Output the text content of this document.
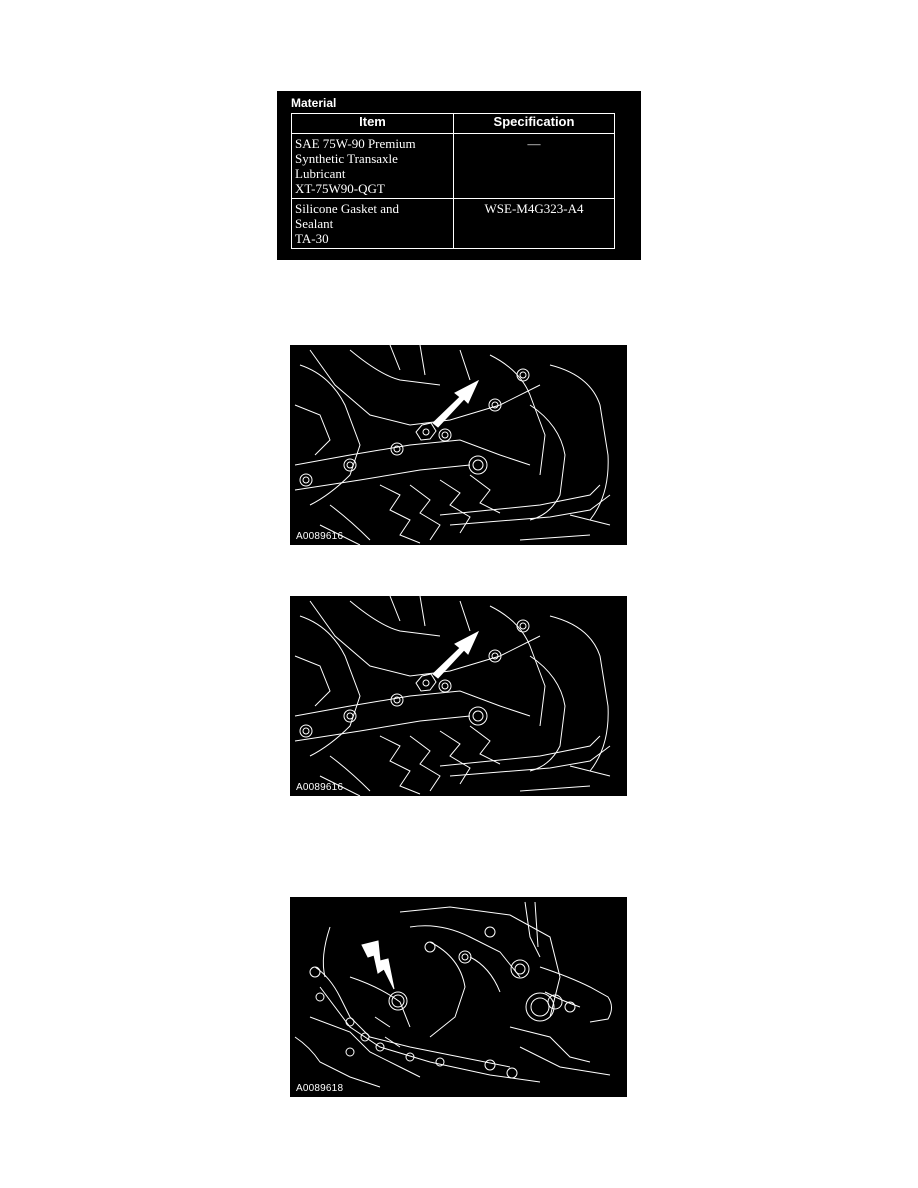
Material
Item	Specification

SAE 75W-90 Premium
Synthetic Transaxle
Lubricant
XT-75W90-QGT	—

Silicone Gasket and
Sealant
TA-30	WSE-M4G323-A4
A0089616
A0089616
A0089618
